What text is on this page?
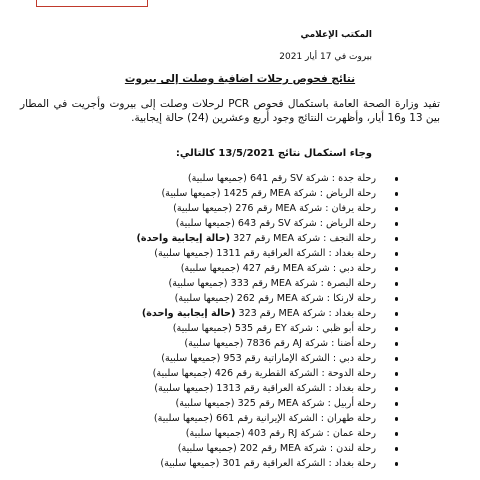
المكتب الإعلامي
بيروت في 17 أيار 2021
نتائج فحوص رحلات اضافية وصلت إلى بيروت
تفيد وزارة الصحة العامة باستكمال فحوص PCR لرحلات وصلت إلى بيروت وأجريت في المطار بين 13 و16 أيار، وأظهرت النتائج وجود أربع وعشرين (24) حالة إيجابية.
وجاء استكمال نتائج 13/5/2021 كالتالي:
رحلة جدة : شركة SV رقم 641 (جميعها سلبية)
رحلة الرياض : شركة MEA رقم 1425 (جميعها سلبية)
رحلة يرفان : شركة MEA رقم 276 (جميعها سلبية)
رحلة الرياض : شركة SV رقم 643 (جميعها سلبية)
رحلة النجف : شركة MEA رقم 327 (حالة إيجابية واحدة)
رحلة بغداد : الشركة العراقية رقم 1311 (جميعها سلبية)
رحلة دبي : شركة MEA رقم 427 (جميعها سلبية)
رحلة البصرة : شركة MEA رقم 333 (جميعها سلبية)
رحلة لارنكا : شركة MEA رقم 262 (جميعها سلبية)
رحلة بغداد : شركة MEA رقم 323 (حالة إيجابية واحدة)
رحلة أبو ظبي : شركة EY رقم 535 (جميعها سلبية)
رحلة أضنا : شركة AJ رقم 7836 (جميعها سلبية)
رحلة دبي : الشركة الإماراتية رقم 953 (جميعها سلبية)
رحلة الدوحة : الشركة القطرية رقم 426 (جميعها سلبية)
رحلة بغداد : الشركة العراقية رقم 1313 (جميعها سلبية)
رحلة أربيل : شركة MEA رقم 325 (جميعها سلبية)
رحلة طهران : الشركة الإيرانية رقم 661 (جميعها سلبية)
رحلة عمان : شركة RJ رقم 403 (جميعها سلبية)
رحلة لندن : شركة MEA رقم 202 (جميعها سلبية)
رحلة بغداد : الشركة العراقية رقم 301 (جميعها سلبية)
